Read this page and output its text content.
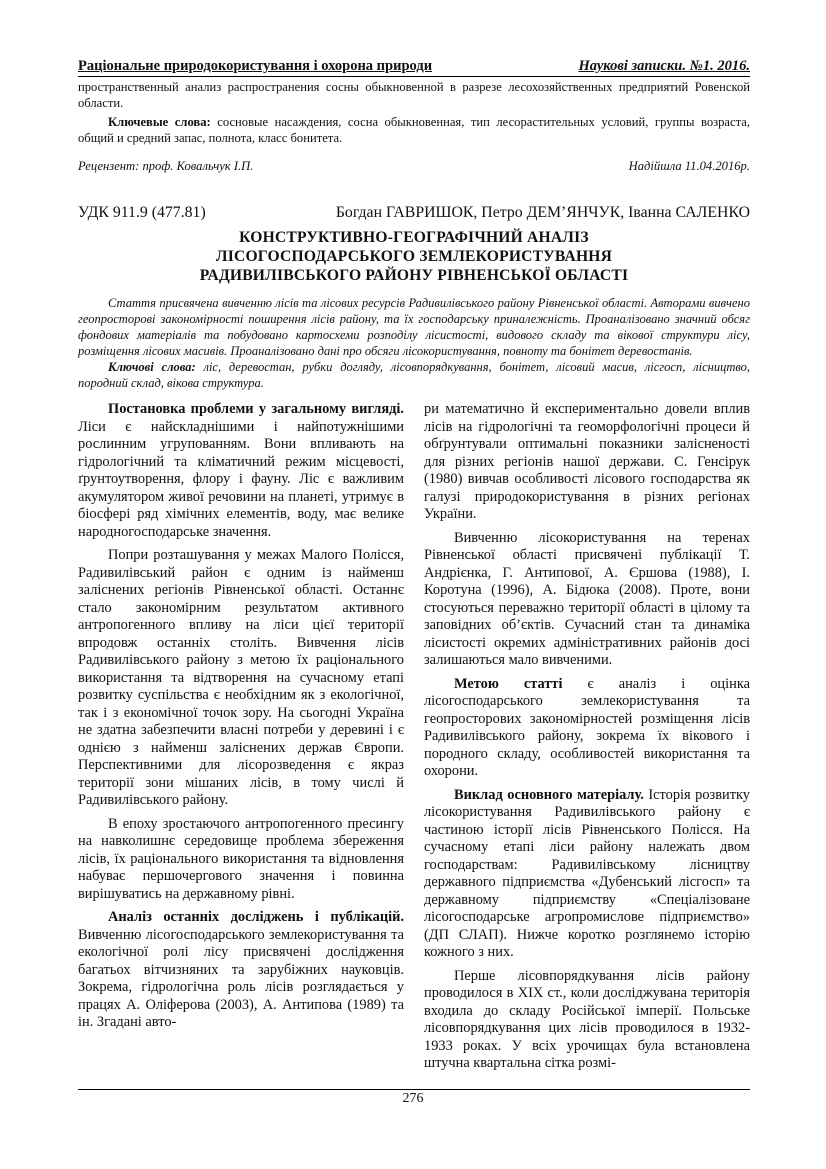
Раціональне природокористування і охорона природи	Наукові записки. №1. 2016.

пространственный анализ распространения сосны обыкновенной в разрезе лесохозяйственных предприятий Ровенской области.

Ключевые слова: сосновые насаждения, сосна обыкновенная, тип лесорастительных условий, группы возраста, общий и средний запас, полнота, класс бонитета.

Рецензент: проф. Ковальчук І.П.	Надійшла 11.04.2016р.
УДК 911.9 (477.81)	Богдан ГАВРИШОК, Петро ДЕМ’ЯНЧУК, Іванна САЛЕНКО
КОНСТРУКТИВНО-ГЕОГРАФІЧНИЙ АНАЛІЗ
ЛІСОГОСПОДАРСЬКОГО ЗЕМЛЕКОРИСТУВАННЯ
РАДИВИЛІВСЬКОГО РАЙОНУ РІВНЕНСЬКОЇ ОБЛАСТІ

Стаття присвячена вивченню лісів та лісових ресурсів Радивилівського району Рівненської області. Авторами вивчено геопросторові закономірності поширення лісів району, та їх господарську приналежність. Проаналізовано значний обсяг фондових матеріалів та побудовано картосхеми розподілу лісистості, видового складу та вікової структури лісу, розміщення лісових масивів. Проаналізовано дані про обсяги лісокористування, повноту та бонітет деревостанів.

Ключові слова: ліс, деревостан, рубки догляду, лісовпорядкування, бонітет, лісовий масив, лісгосп, лісництво, породний склад, вікова структура.

Постановка проблеми у загальному вигляді. Ліси є найскладнішими і найпотужнішими рослинним угрупованням. Вони впливають на гідрологічний та кліматичний режим місцевості, ґрунтоутворення, флору і фауну. Ліс є важливим акумулятором живої речовини на планеті, утримує в біосфері ряд хімічних елементів, воду, має велике народногосподарське значення.

Попри розташування у межах Малого Полісся, Радивилівський район є одним із найменш заліснених регіонів Рівненської області. Останнє стало закономірним результатом активного антропогенного впливу на ліси цієї території впродовж останніх століть. Вивчення лісів Радивилівського району з метою їх раціонального використання та відтворення на сучасному етапі розвитку суспільства є необхідним як з екологічної, так і з економічної точок зору. На сьогодні Україна не здатна забезпечити власні потреби у деревині і є однією з найменш заліснених держав Європи. Перспективними для лісорозведення є якраз території зони мішаних лісів, в тому числі й Радивилівського району.

В епоху зростаючого антропогенного пресингу на навколишнє середовище проблема збереження лісів, їх раціонального використання та відновлення набуває першочергового значення і повинна вирішуватись на державному рівні.

Аналіз останніх досліджень і публікацій. Вивченню лісогосподарського землекористування та екологічної ролі лісу присвячені дослідження багатьох вітчизняних та зарубіжних науковців. Зокрема, гідрологічна роль лісів розглядається у працях А. Оліферова (2003), А. Антипова (1989) та ін. Згадані авто-

ри математично й експериментально довели вплив лісів на гідрологічні та геоморфологічні процеси й обґрунтували оптимальні показники залісненості для різних регіонів нашої держави. С. Генсірук (1980) вивчав особливості лісового господарства як галузі природокористування в різних регіонах України.

Вивченню лісокористування на теренах Рівненської області присвячені публікації Т. Андрієнка, Г. Антипової, А. Єршова (1988), І. Коротуна (1996), А. Бідюка (2008). Проте, вони стосуються переважно території області в цілому та заповідних об’єктів. Сучасний стан та динаміка лісистості окремих адміністративних районів досі залишаються мало вивченими.

Метою статті є аналіз і оцінка лісогосподарського землекористування та геопросторових закономірностей розміщення лісів Радивилівського району, зокрема їх вікового і породного складу, особливостей використання та охорони.

Виклад основного матеріалу. Історія розвитку лісокористування Радивилівського району є частиною історії лісів Рівненського Полісся. На сучасному етапі ліси району належать двом господарствам: Радивилівському лісництву державного підприємства «Дубенський лісгосп» та державному підприємству «Спеціалізоване лісогосподарське агропромислове підприємство» (ДП СЛАП). Нижче коротко розглянемо історію кожного з них.

Перше лісовпорядкування лісів району проводилося в ХІХ ст., коли досліджувана територія входила до складу Російської імперії. Польське лісовпорядкування цих лісів проводилося в 1932-1933 роках. У всіх урочищах була встановлена штучна квартальна сітка розмі-

276
